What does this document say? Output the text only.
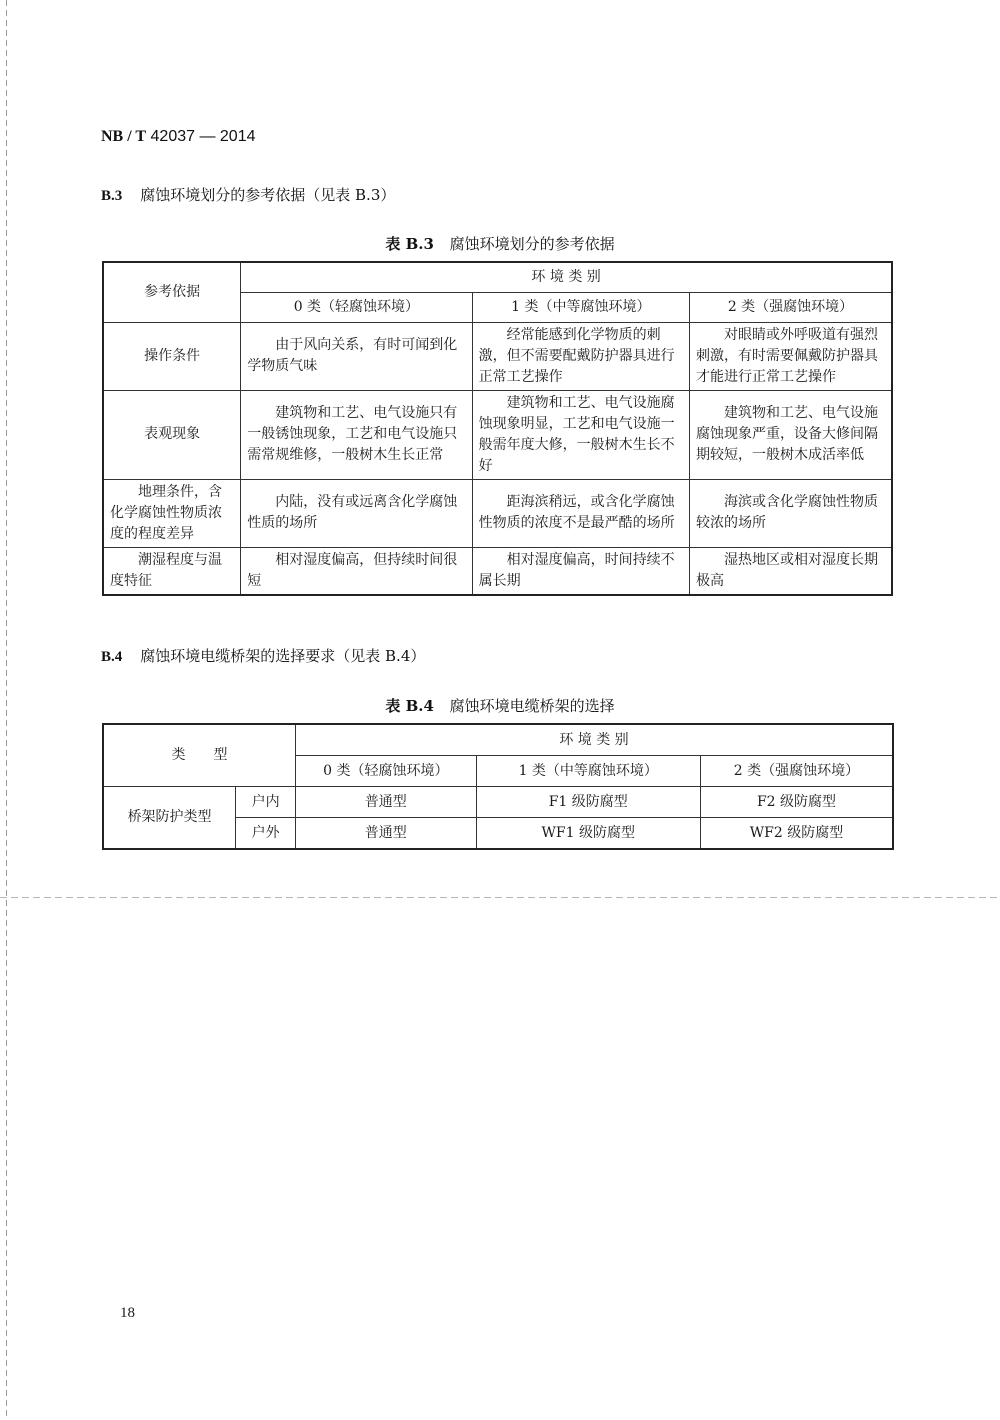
NB / T 42037 — 2014
B.3 腐蚀环境划分的参考依据（见表 B.3）
表 B.3 腐蚀环境划分的参考依据
参考依据	环 境 类 别		
	0 类（轻腐蚀环境）	1 类（中等腐蚀环境）	2 类（强腐蚀环境）
操作条件	由于风向关系，有时可闻到化学物质气味	经常能感到化学物质的刺激，但不需要配戴防护器具进行正常工艺操作	对眼睛或外呼吸道有强烈刺激，有时需要佩戴防护器具才能进行正常工艺操作
表观现象	建筑物和工艺、电气设施只有一般锈蚀现象，工艺和电气设施只需常规维修，一般树木生长正常	建筑物和工艺、电气设施腐蚀现象明显，工艺和电气设施一般需年度大修，一般树木生长不好	建筑物和工艺、电气设施腐蚀现象严重，设备大修间隔期较短，一般树木成活率低
地理条件，含化学腐蚀性物质浓度的程度差异	内陆，没有或远离含化学腐蚀性质的场所	距海滨稍远，或含化学腐蚀性物质的浓度不是最严酷的场所	海滨或含化学腐蚀性物质较浓的场所
潮湿程度与温度特征	相对湿度偏高，但持续时间很短	相对湿度偏高，时间持续不属长期	湿热地区或相对湿度长期极高
B.4 腐蚀环境电缆桥架的选择要求（见表 B.4）
表 B.4 腐蚀环境电缆桥架的选择
类　　型		环 境 类 别		
		0 类（轻腐蚀环境）	1 类（中等腐蚀环境）	2 类（强腐蚀环境）
桥架防护类型	户内	普通型	F1 级防腐型	F2 级防腐型
	户外	普通型	WF1 级防腐型	WF2 级防腐型
18
